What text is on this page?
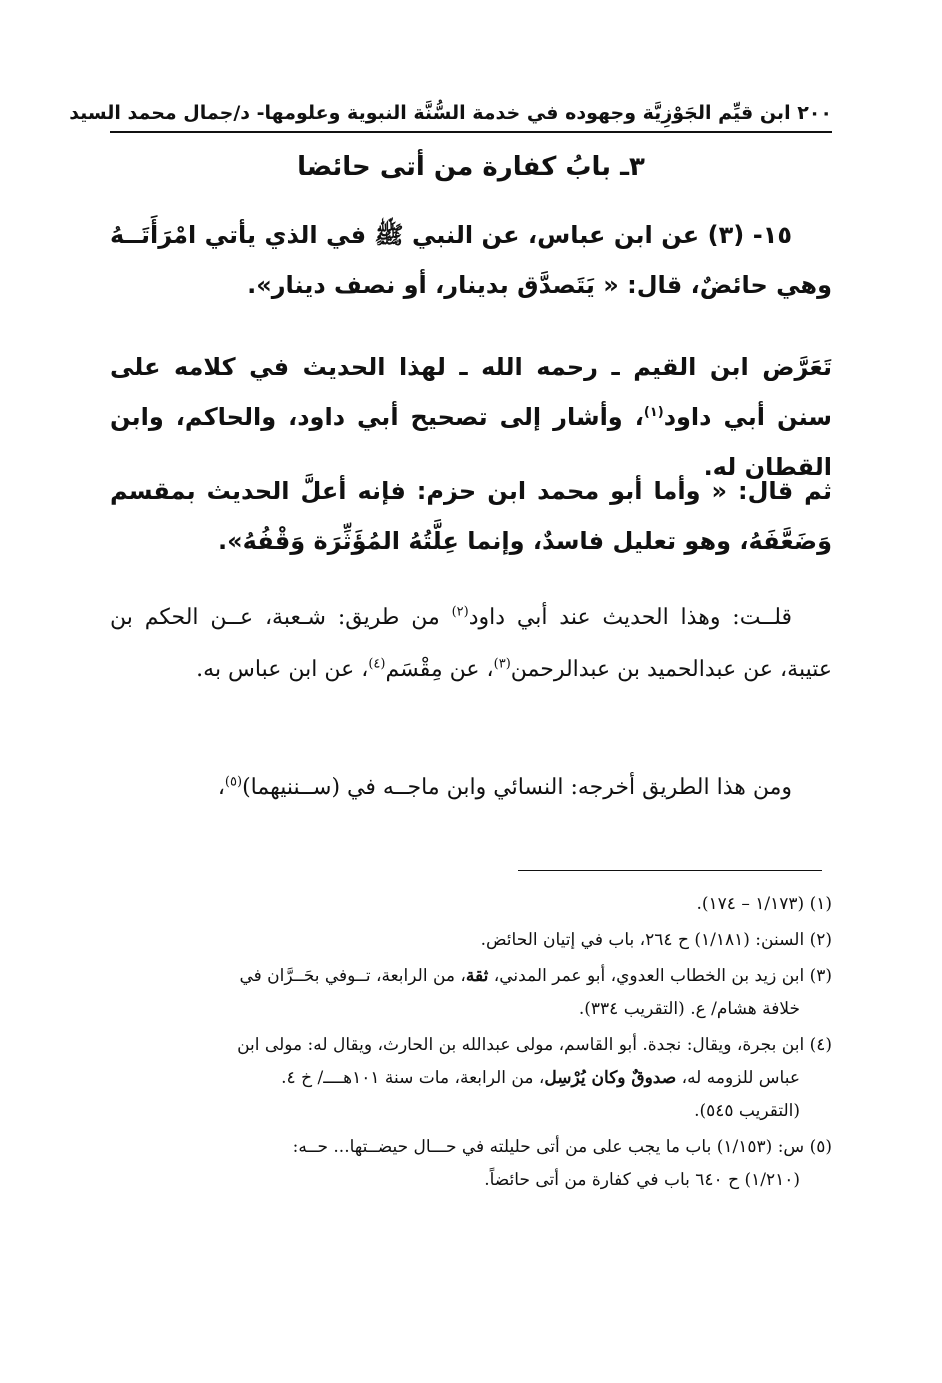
٢٠٠ ابن قيِّم الجَوْزِيَّة وجهوده في خدمة السُّنَّة النبوية وعلومها- د/جمال محمد السيد
٣ـ بابُ كفارة من أتى حائضا
١٥- (٣) عن ابن عباس، عن النبي ﷺ في الذي يأتي امْرَأَتَــهُ وهي حائضٌ، قال: « يَتَصدَّق بدينار، أو نصف دينار».
تَعَرَّض ابن القيم ـ رحمه الله ـ لهذا الحديث في كلامه على سنن أبي داود$^{(١)}$، وأشار إلى تصحيح أبي داود، والحاكم، وابن القطان له.
ثم قال: « وأما أبو محمد ابن حزم: فإنه أعلَّ الحديث بمقسم وَضَعَّفَهُ، وهو تعليل فاسدٌ، وإنما عِلَّتُهُ المُؤَثِّرَة وَقْفُهُ».
قلــت: وهذا الحديث عند أبي داود$^{(٢)}$ من طريق: شـعبة، عــن الحكم بن عتيبة، عن عبدالحميد بن عبدالرحمن$^{(٣)}$، عن مِقْسَم$^{(٤)}$، عن ابن عباس به.
ومن هذا الطريق أخرجه: النسائي وابن ماجــه في (ســننيهما)$^{(٥)}$،
(١) (١/١٧٣ – ١٧٤).
(٢) السنن: (١/١٨١) ح ٢٦٤، باب في إتيان الحائض.
(٣) ابن زيد بن الخطاب العدوي، أبو عمر المدني، ثقة، من الرابعة، تــوفي بحَــرَّان في
خلافة هشام/ ع. (التقريب ٣٣٤).
(٤) ابن بجرة، ويقال: نجدة. أبو القاسم، مولى عبدالله بن الحارث، ويقال له: مولى ابن
عباس للزومه له، صدوقٌ وكان يُرْسِل، من الرابعة، مات سنة ١٠١هــــ/ خ ٤.
(التقريب ٥٤٥).
(٥) س: (١/١٥٣) باب ما يجب على من أتى حليلته في حـــال حيضــتها... حــه:
(١/٢١٠) ح ٦٤٠ باب في كفارة من أتى حائضاً.
